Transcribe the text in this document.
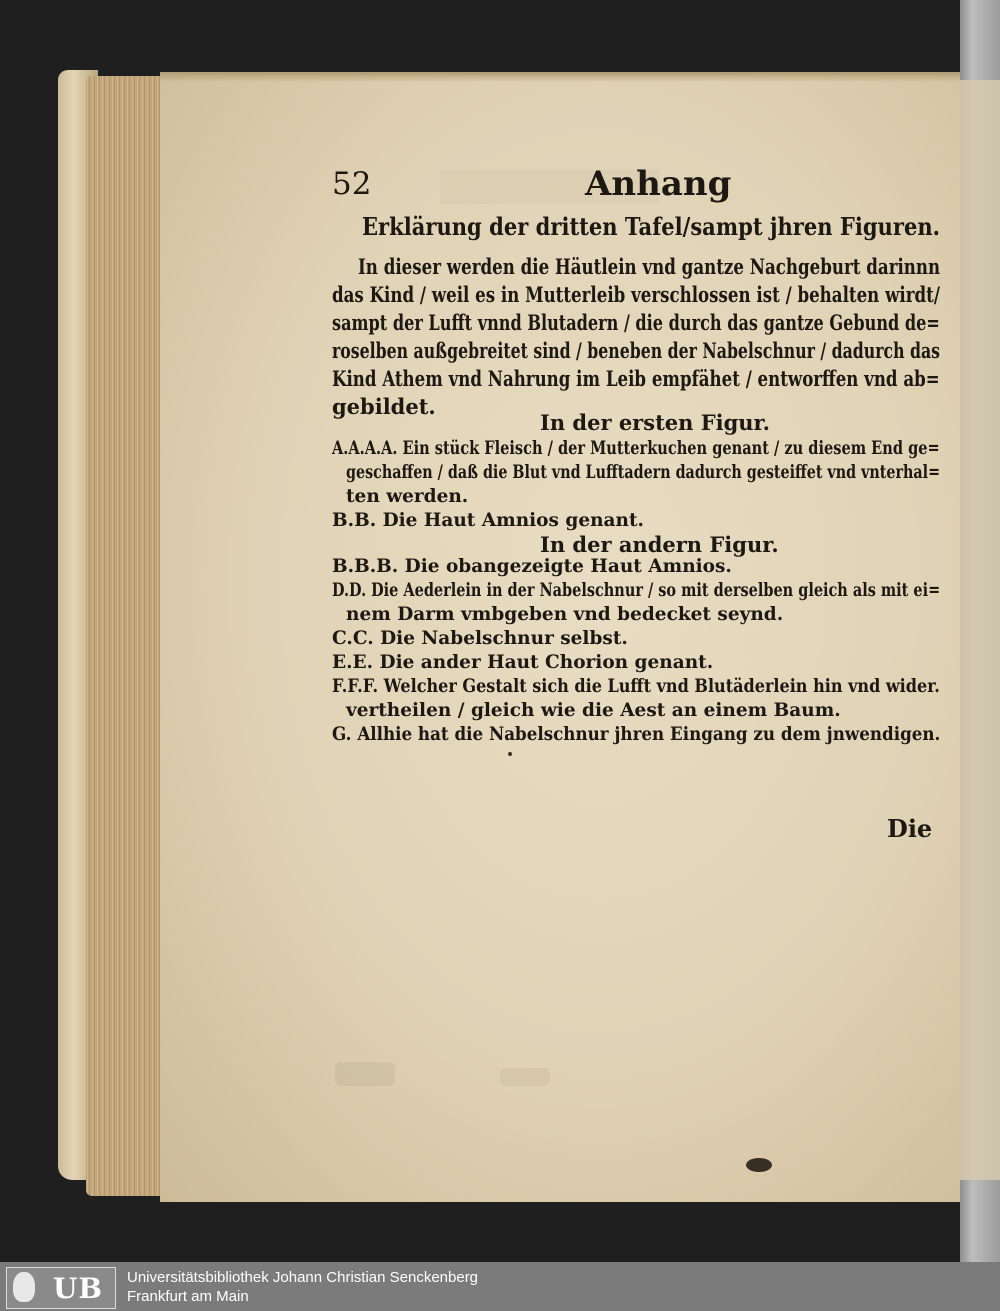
52	Anhang
Erklärung der dritten Tafel/sampt jhren Figuren.
In dieser werden die Häutlein vnd gantze Nachgeburt darinnn
das Kind / weil es in Mutterleib verschlossen ist / behalten wirdt/
sampt der Lufft vnnd Blutadern / die durch das gantze Gebund de=
roselben außgebreitet sind / beneben der Nabelschnur / dadurch das
Kind Athem vnd Nahrung im Leib empfähet / entworffen vnd ab=
gebildet.
In der ersten Figur.
A.A.A.A. Ein stück Fleisch / der Mutterkuchen genant / zu diesem End ge=
geschaffen / daß die Blut vnd Lufftadern dadurch gesteiffet vnd vnterhal=
ten werden.
B.B. Die Haut Amnios genant.
In der andern Figur.
B.B.B. Die obangezeigte Haut Amnios.
D.D. Die Aederlein in der Nabelschnur / so mit derselben gleich als mit ei=
nem Darm vmbgeben vnd bedecket seynd.
C.C. Die Nabelschnur selbst.
E.E. Die ander Haut Chorion genant.
F.F.F. Welcher Gestalt sich die Lufft vnd Blutäderlein hin vnd wider.
vertheilen / gleich wie die Aest an einem Baum.
G. Allhie hat die Nabelschnur jhren Eingang zu dem jnwendigen.
Die
UB Universitätsbibliothek Johann Christian Senckenberg
Frankfurt am Main
